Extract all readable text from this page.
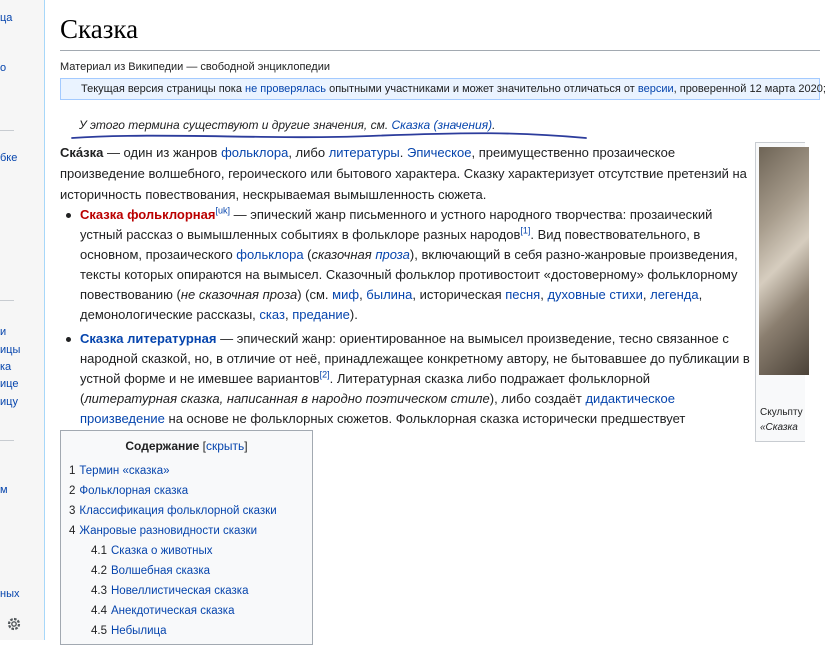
ца
о
бке
и
ицы
ка
ице
ицу
м
ных
Сказка
Материал из Википедии — свободной энциклопедии
Текущая версия страницы пока не проверялась опытными участниками и может значительно отличаться от версии, проверенной 12 марта 2020;
У этого термина существуют и другие значения, см. Сказка (значения).

Ска́зка — один из жанров фольклора, либо литературы. Эпическое, преимущественно прозаическое произведение волшебного, героического или бытового характера. Сказку характеризует отсутствие претензий на историчность повествования, нескрываемая вымышленность сюжета.

Сказка фольклорная[uk] — эпический жанр письменного и устного народного творчества: прозаический устный рассказ о вымышленных событиях в фольклоре разных народов[1]. Вид повествовательного, в основном, прозаического фольклора (сказочная проза), включающий в себя разно-жанровые произведения, тексты которых опираются на вымысел. Сказочный фольклор противостоит «достоверному» фольклорному повествованию (не сказочная проза) (см. миф, былина, историческая песня, духовные стихи, легенда, демонологические рассказы, сказ, предание).
Сказка литературная — эпический жанр: ориентированное на вымысел произведение, тесно связанное с народной сказкой, но, в отличие от неё, принадлежащее конкретному автору, не бытовавшее до публикации в устной форме и не имевшее вариантов[2]. Литературная сказка либо подражает фольклорной (литературная сказка, написанная в народно поэтическом стиле), либо создаёт дидактическое произведение на основе не фольклорных сюжетов. Фольклорная сказка исторически предшествует
Содержание [скрыть]
1 Термин «сказка»
2 Фольклорная сказка
3 Классификация фольклорной сказки
4 Жанровые разновидности сказки
4.1 Сказка о животных
4.2 Волшебная сказка
4.3 Новеллистическая сказка
4.4 Анекдотическая сказка
4.5 Небылица
Скульпту
«Сказка
